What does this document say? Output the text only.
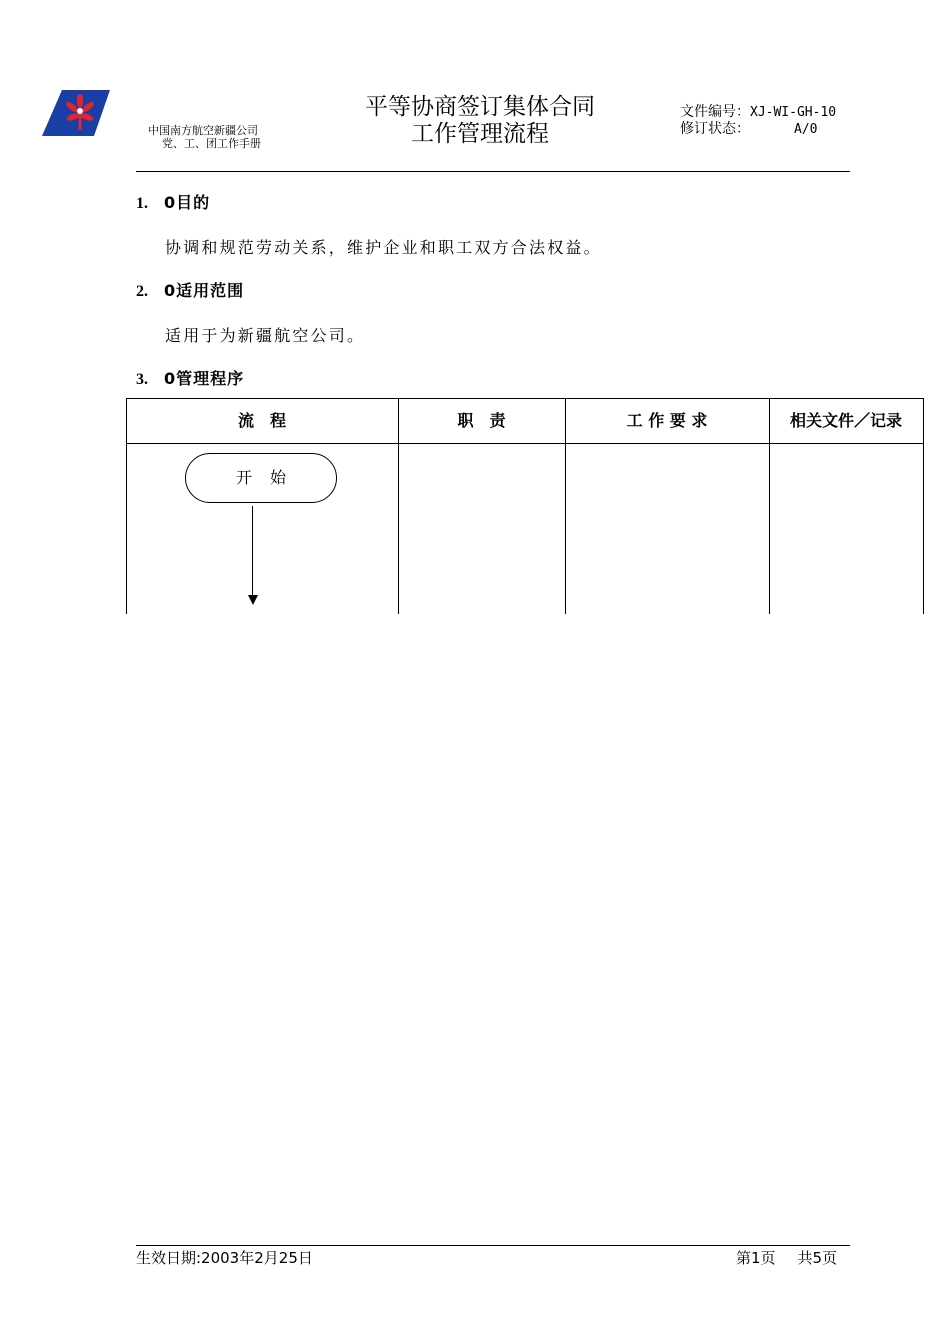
中国南方航空新疆公司
党、工、团工作手册
平等协商签订集体合同
工作管理流程
文件编号：XJ-WI-GH-10
修订状态：	A/0
1. 0目的
协调和规范劳动关系，维护企业和职工双方合法权益。
2. 0适用范围
适用于为新疆航空公司。
3. 0管理程序
流　程	职　责	工 作 要 求	相关文件／记录
开始
生效日期:2003年2月25日	第1页 共5页
